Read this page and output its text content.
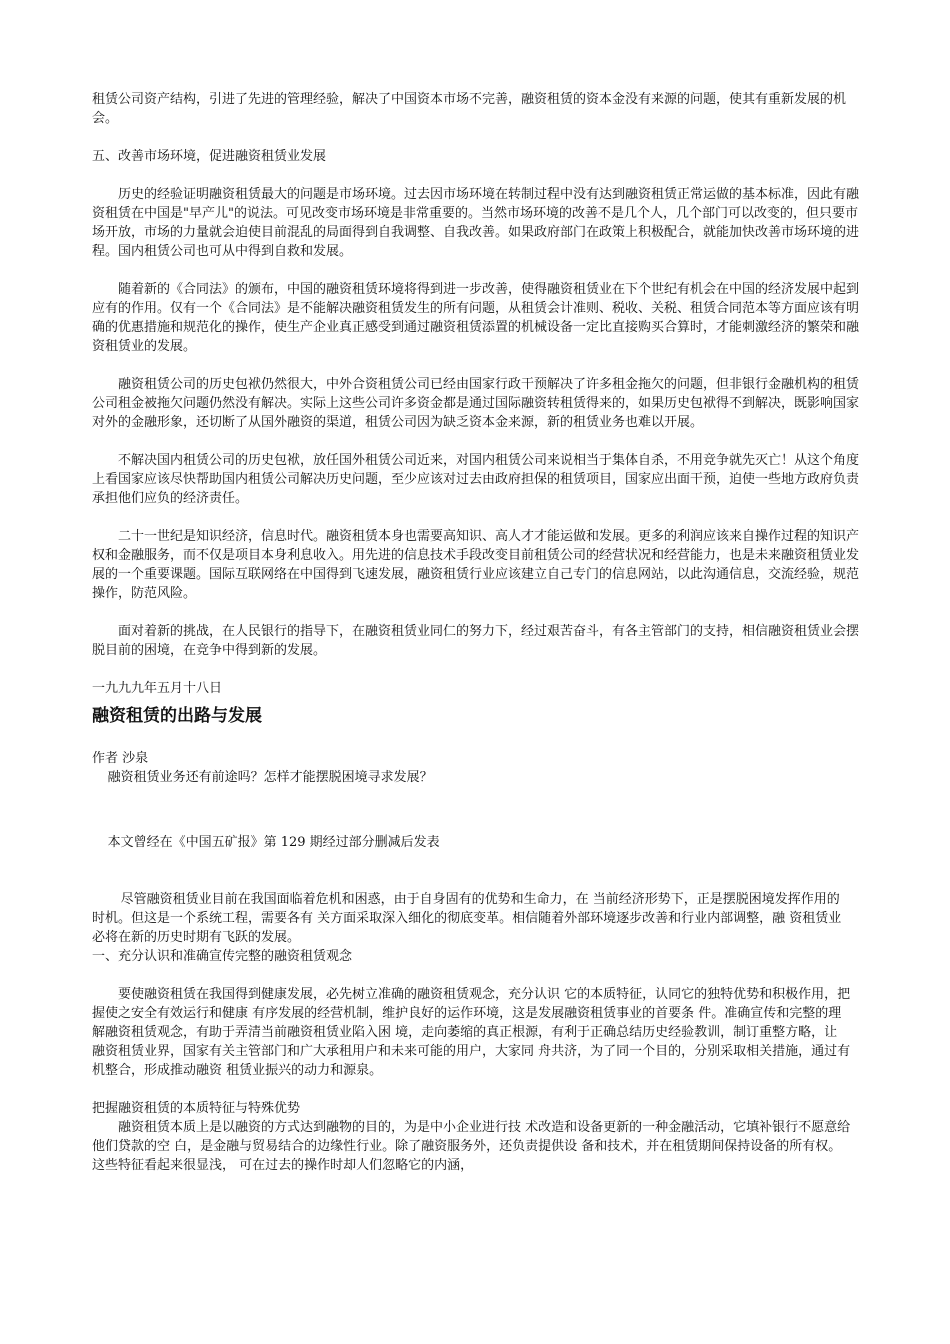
租赁公司资产结构，引进了先进的管理经验，解决了中国资本市场不完善，融资租赁的资本金没有来源的问题，使其有重新发展的机会。

五、改善市场环境，促进融资租赁业发展

历史的经验证明融资租赁最大的问题是市场环境。过去因市场环境在转制过程中没有达到融资租赁正常运做的基本标准，因此有融资租赁在中国是"早产儿"的说法。可见改变市场环境是非常重要的。当然市场环境的改善不是几个人，几个部门可以改变的，但只要市场开放，市场的力量就会迫使目前混乱的局面得到自我调整、自我改善。如果政府部门在政策上积极配合，就能加快改善市场环境的进程。国内租赁公司也可从中得到自救和发展。

随着新的《合同法》的颁布，中国的融资租赁环境将得到进一步改善，使得融资租赁业在下个世纪有机会在中国的经济发展中起到应有的作用。仅有一个《合同法》是不能解决融资租赁发生的所有问题，从租赁会计准则、税收、关税、租赁合同范本等方面应该有明确的优惠措施和规范化的操作，使生产企业真正感受到通过融资租赁添置的机械设备一定比直接购买合算时，才能刺激经济的繁荣和融资租赁业的发展。

融资租赁公司的历史包袱仍然很大，中外合资租赁公司已经由国家行政干预解决了许多租金拖欠的问题，但非银行金融机构的租赁公司租金被拖欠问题仍然没有解决。实际上这些公司许多资金都是通过国际融资转租赁得来的，如果历史包袱得不到解决，既影响国家对外的金融形象，还切断了从国外融资的渠道，租赁公司因为缺乏资本金来源，新的租赁业务也难以开展。

不解决国内租赁公司的历史包袱，放任国外租赁公司近来，对国内租赁公司来说相当于集体自杀，不用竞争就先灭亡！从这个角度上看国家应该尽快帮助国内租赁公司解决历史问题，至少应该对过去由政府担保的租赁项目，国家应出面干预，迫使一些地方政府负责承担他们应负的经济责任。

二十一世纪是知识经济，信息时代。融资租赁本身也需要高知识、高人才才能运做和发展。更多的利润应该来自操作过程的知识产权和金融服务，而不仅是项目本身利息收入。用先进的信息技术手段改变目前租赁公司的经营状况和经营能力，也是未来融资租赁业发展的一个重要课题。国际互联网络在中国得到飞速发展，融资租赁行业应该建立自己专门的信息网站，以此沟通信息，交流经验，规范操作，防范风险。

面对着新的挑战，在人民银行的指导下，在融资租赁业同仁的努力下，经过艰苦奋斗，有各主管部门的支持，相信融资租赁业会摆脱目前的困境，在竞争中得到新的发展。

一九九九年五月十八日

融资租赁的出路与发展

作者 沙泉

融资租赁业务还有前途吗？怎样才能摆脱困境寻求发展？

本文曾经在《中国五矿报》第 129 期经过部分删减后发表

尽管融资租赁业目前在我国面临着危机和困惑，由于自身固有的优势和生命力，在 当前经济形势下，正是摆脱困境发挥作用的时机。但这是一个系统工程，需要各有 关方面采取深入细化的彻底变革。相信随着外部环境逐步改善和行业内部调整，融 资租赁业必将在新的历史时期有飞跃的发展。

一、充分认识和准确宣传完整的融资租赁观念

要使融资租赁在我国得到健康发展，必先树立准确的融资租赁观念，充分认识 它的本质特征，认同它的独特优势和积极作用，把握使之安全有效运行和健康 有序发展的经营机制，维护良好的运作环境，这是发展融资租赁事业的首要条 件。准确宣传和完整的理解融资租赁观念，有助于弄清当前融资租赁业陷入困 境，走向萎缩的真正根源，有利于正确总结历史经验教训，制订重整方略，让 融资租赁业界，国家有关主管部门和广大承租用户和未来可能的用户，大家同 舟共济，为了同一个目的，分别采取相关措施，通过有机整合，形成推动融资 租赁业振兴的动力和源泉。

把握融资租赁的本质特征与特殊优势

融资租赁本质上是以融资的方式达到融物的目的，为是中小企业进行技 术改造和设备更新的一种金融活动，它填补银行不愿意给他们贷款的空 白，是金融与贸易结合的边缘性行业。除了融资服务外，还负责提供设 备和技术，并在租赁期间保持设备的所有权。这些特征看起来很显浅， 可在过去的操作时却人们忽略它的内涵，
